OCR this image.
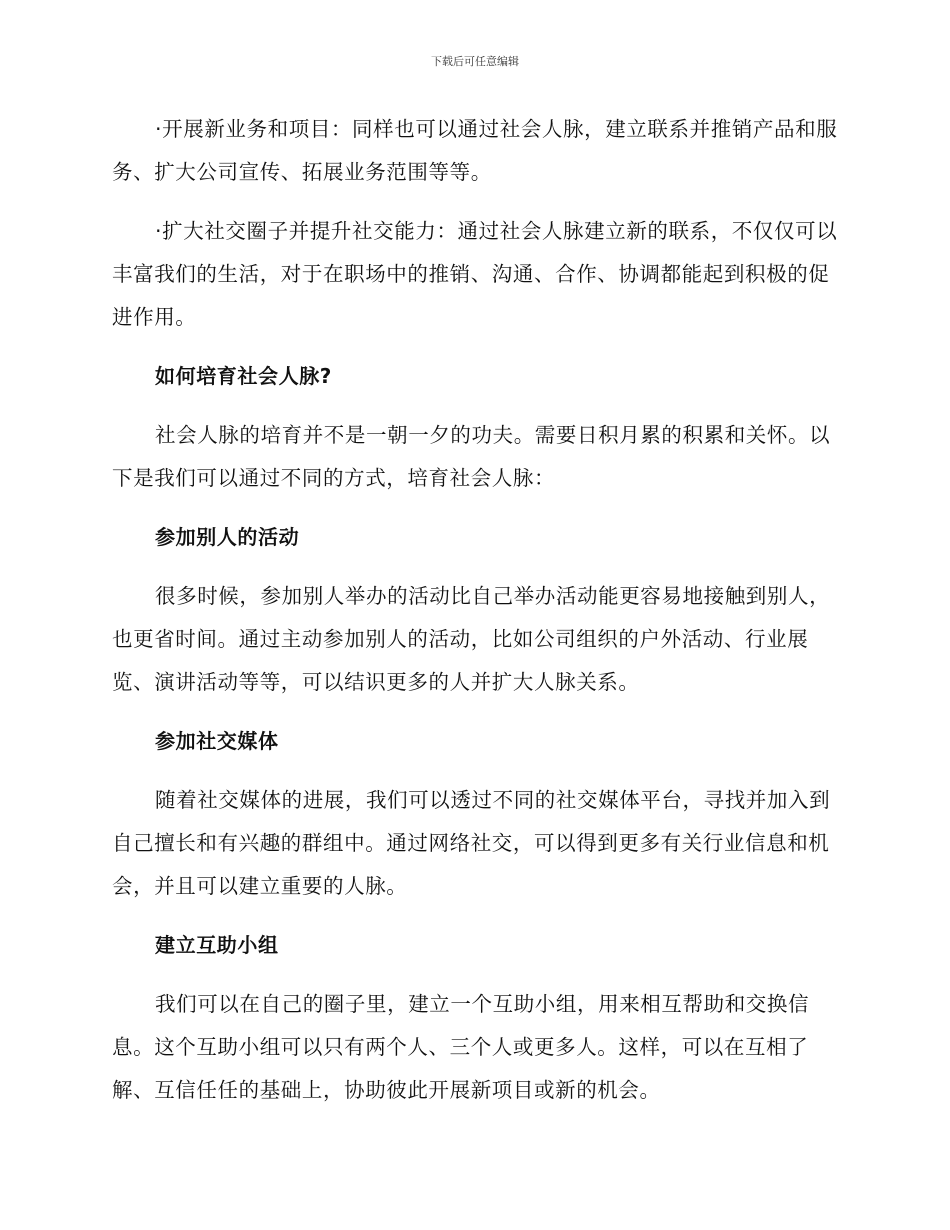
下载后可任意编辑

·开展新业务和项目：同样也可以通过社会人脉，建立联系并推销产品和服务、扩大公司宣传、拓展业务范围等等。

·扩大社交圈子并提升社交能力：通过社会人脉建立新的联系，不仅仅可以丰富我们的生活，对于在职场中的推销、沟通、合作、协调都能起到积极的促进作用。

如何培育社会人脉?

社会人脉的培育并不是一朝一夕的功夫。需要日积月累的积累和关怀。以下是我们可以通过不同的方式，培育社会人脉：

参加别人的活动

很多时候，参加别人举办的活动比自己举办活动能更容易地接触到别人，也更省时间。通过主动参加别人的活动，比如公司组织的户外活动、行业展览、演讲活动等等，可以结识更多的人并扩大人脉关系。

参加社交媒体

随着社交媒体的进展，我们可以透过不同的社交媒体平台，寻找并加入到自己擅长和有兴趣的群组中。通过网络社交，可以得到更多有关行业信息和机会，并且可以建立重要的人脉。

建立互助小组

我们可以在自己的圈子里，建立一个互助小组，用来相互帮助和交换信息。这个互助小组可以只有两个人、三个人或更多人。这样，可以在互相了解、互信任任的基础上，协助彼此开展新项目或新的机会。
